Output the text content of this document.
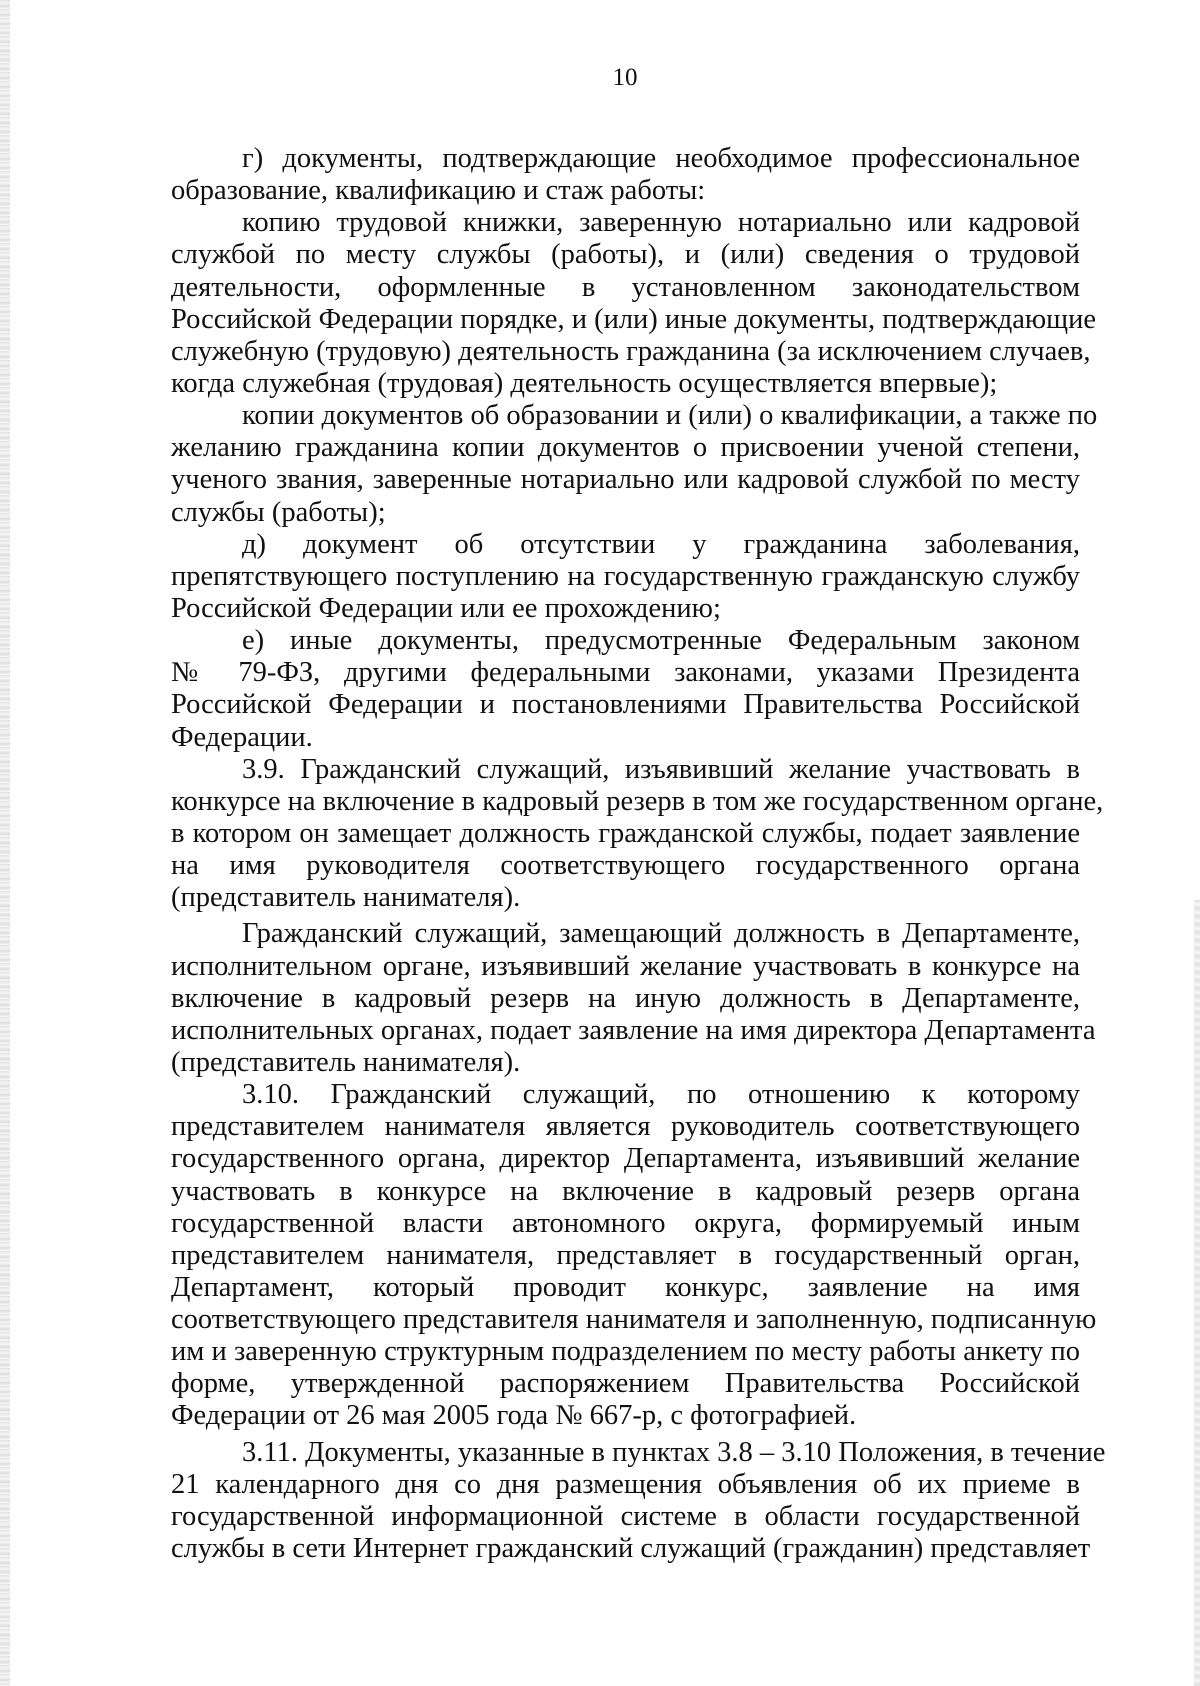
10
г) документы, подтверждающие необходимое профессиональное
образование, квалификацию и стаж работы:
копию трудовой книжки, заверенную нотариально или кадровой
службой по месту службы (работы), и (или) сведения о трудовой
деятельности, оформленные в установленном законодательством
Российской Федерации порядке, и (или) иные документы, подтверждающие
служебную (трудовую) деятельность гражданина (за исключением случаев,
когда служебная (трудовая) деятельность осуществляется впервые);
копии документов об образовании и (или) о квалификации, а также по
желанию гражданина копии документов о присвоении ученой степени,
ученого звания, заверенные нотариально или кадровой службой по месту
службы (работы);
д) документ об отсутствии у гражданина заболевания,
препятствующего поступлению на государственную гражданскую службу
Российской Федерации или ее прохождению;
е) иные документы, предусмотренные Федеральным законом
№ 79-ФЗ, другими федеральными законами, указами Президента
Российской Федерации и постановлениями Правительства Российской
Федерации.
3.9. Гражданский служащий, изъявивший желание участвовать в
конкурсе на включение в кадровый резерв в том же государственном органе,
в котором он замещает должность гражданской службы, подает заявление
на имя руководителя соответствующего государственного органа
(представитель нанимателя).
Гражданский служащий, замещающий должность в Департаменте,
исполнительном органе, изъявивший желание участвовать в конкурсе на
включение в кадровый резерв на иную должность в Департаменте,
исполнительных органах, подает заявление на имя директора Департамента
(представитель нанимателя).
3.10. Гражданский служащий, по отношению к которому
представителем нанимателя является руководитель соответствующего
государственного органа, директор Департамента, изъявивший желание
участвовать в конкурсе на включение в кадровый резерв органа
государственной власти автономного округа, формируемый иным
представителем нанимателя, представляет в государственный орган,
Департамент, который проводит конкурс, заявление на имя
соответствующего представителя нанимателя и заполненную, подписанную
им и заверенную структурным подразделением по месту работы анкету по
форме, утвержденной распоряжением Правительства Российской
Федерации от 26 мая 2005 года № 667-р, с фотографией.
3.11. Документы, указанные в пунктах 3.8 – 3.10 Положения, в течение
21 календарного дня со дня размещения объявления об их приеме в
государственной информационной системе в области государственной
службы в сети Интернет гражданский служащий (гражданин) представляет
